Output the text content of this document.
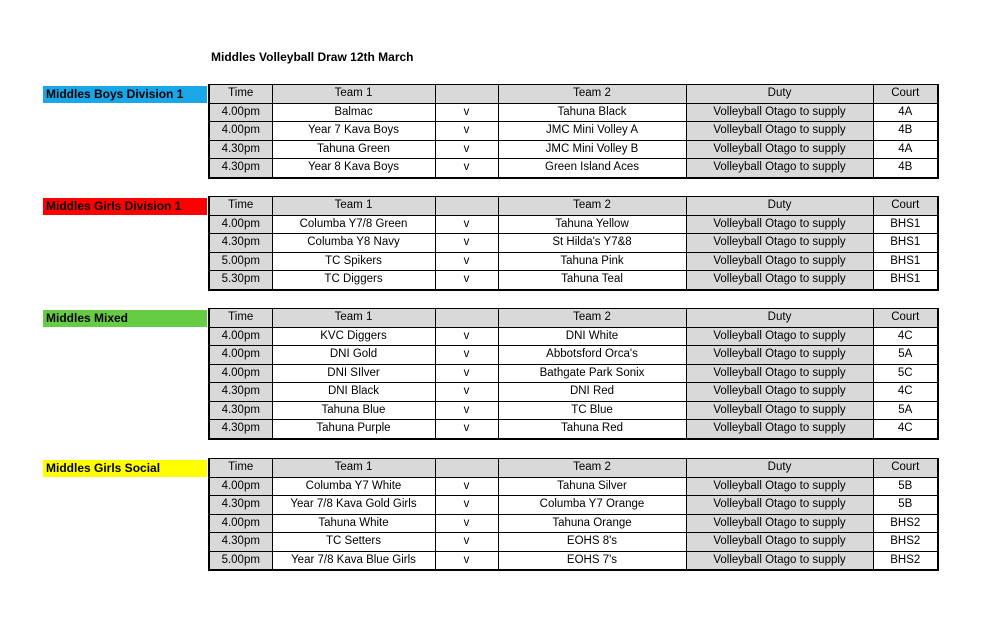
Middles Volleyball Draw 12th March
Middles Boys Division 1	Time	Team 1		Team 2	Duty	Court
4.00pm	Balmac	v	Tahuna Black	Volleyball Otago to supply	4A
4.00pm	Year 7 Kava Boys	v	JMC Mini Volley A	Volleyball Otago to supply	4B
4.30pm	Tahuna Green	v	JMC Mini Volley B	Volleyball Otago to supply	4A
4.30pm	Year 8 Kava Boys	v	Green Island Aces	Volleyball Otago to supply	4B
Middles Girls Division 1	Time	Team 1		Team 2	Duty	Court
4.00pm	Columba Y7/8 Green	v	Tahuna Yellow	Volleyball Otago to supply	BHS1
4.30pm	Columba Y8 Navy	v	St Hilda's Y7&8	Volleyball Otago to supply	BHS1
5.00pm	TC Spikers	v	Tahuna Pink	Volleyball Otago to supply	BHS1
5.30pm	TC Diggers	v	Tahuna Teal	Volleyball Otago to supply	BHS1
Middles Mixed	Time	Team 1		Team 2	Duty	Court
4.00pm	KVC Diggers	v	DNI White	Volleyball Otago to supply	4C
4.00pm	DNI Gold	v	Abbotsford Orca's	Volleyball Otago to supply	5A
4.00pm	DNI SIlver	v	Bathgate Park Sonix	Volleyball Otago to supply	5C
4.30pm	DNI Black	v	DNI Red	Volleyball Otago to supply	4C
4.30pm	Tahuna Blue	v	TC Blue	Volleyball Otago to supply	5A
4.30pm	Tahuna Purple	v	Tahuna Red	Volleyball Otago to supply	4C
Middles Girls Social	Time	Team 1		Team 2	Duty	Court
4.00pm	Columba Y7 White	v	Tahuna Silver	Volleyball Otago to supply	5B
4.30pm	Year 7/8 Kava Gold Girls	v	Columba Y7 Orange	Volleyball Otago to supply	5B
4.00pm	Tahuna White	v	Tahuna Orange	Volleyball Otago to supply	BHS2
4.30pm	TC Setters	v	EOHS 8's	Volleyball Otago to supply	BHS2
5.00pm	Year 7/8 Kava Blue Girls	v	EOHS 7's	Volleyball Otago to supply	BHS2
